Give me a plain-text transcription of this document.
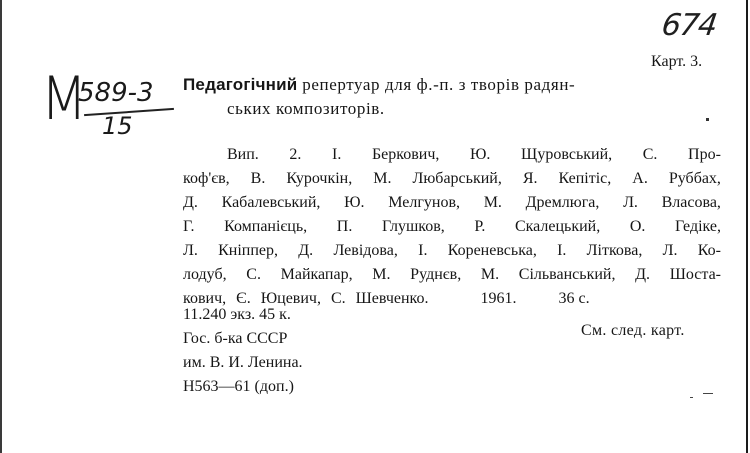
674
Карт. 3.
М
589-3
15
Педагогічний репертуар для ф.-п. з творів радян-
ських композиторів.
Вип. 2. І. Беркович, Ю. Щуровський, С. Про-
коф'єв, В. Курочкін, М. Любарський, Я. Кепітіс, А. Руббах,
Д. Кабалевський, Ю. Мелгунов, М. Дремлюга, Л. Власова,
Г. Компанієць, П. Глушков, Р. Скалецький, О. Гедіке,
Л. Кніппер, Д. Левідова, І. Кореневська, І. Літкова, Л. Ко-
лодуб, С. Майкапар, М. Руднєв, М. Сільванський, Д. Шоста-
кович, Є. Юцевич, С. Шевченко.	1961.	36 с.
11.240 экз. 45 к.
Гос. б-ка СССР
им. В. И. Ленина.
Н563—61 (доп.)
См. след. карт.
